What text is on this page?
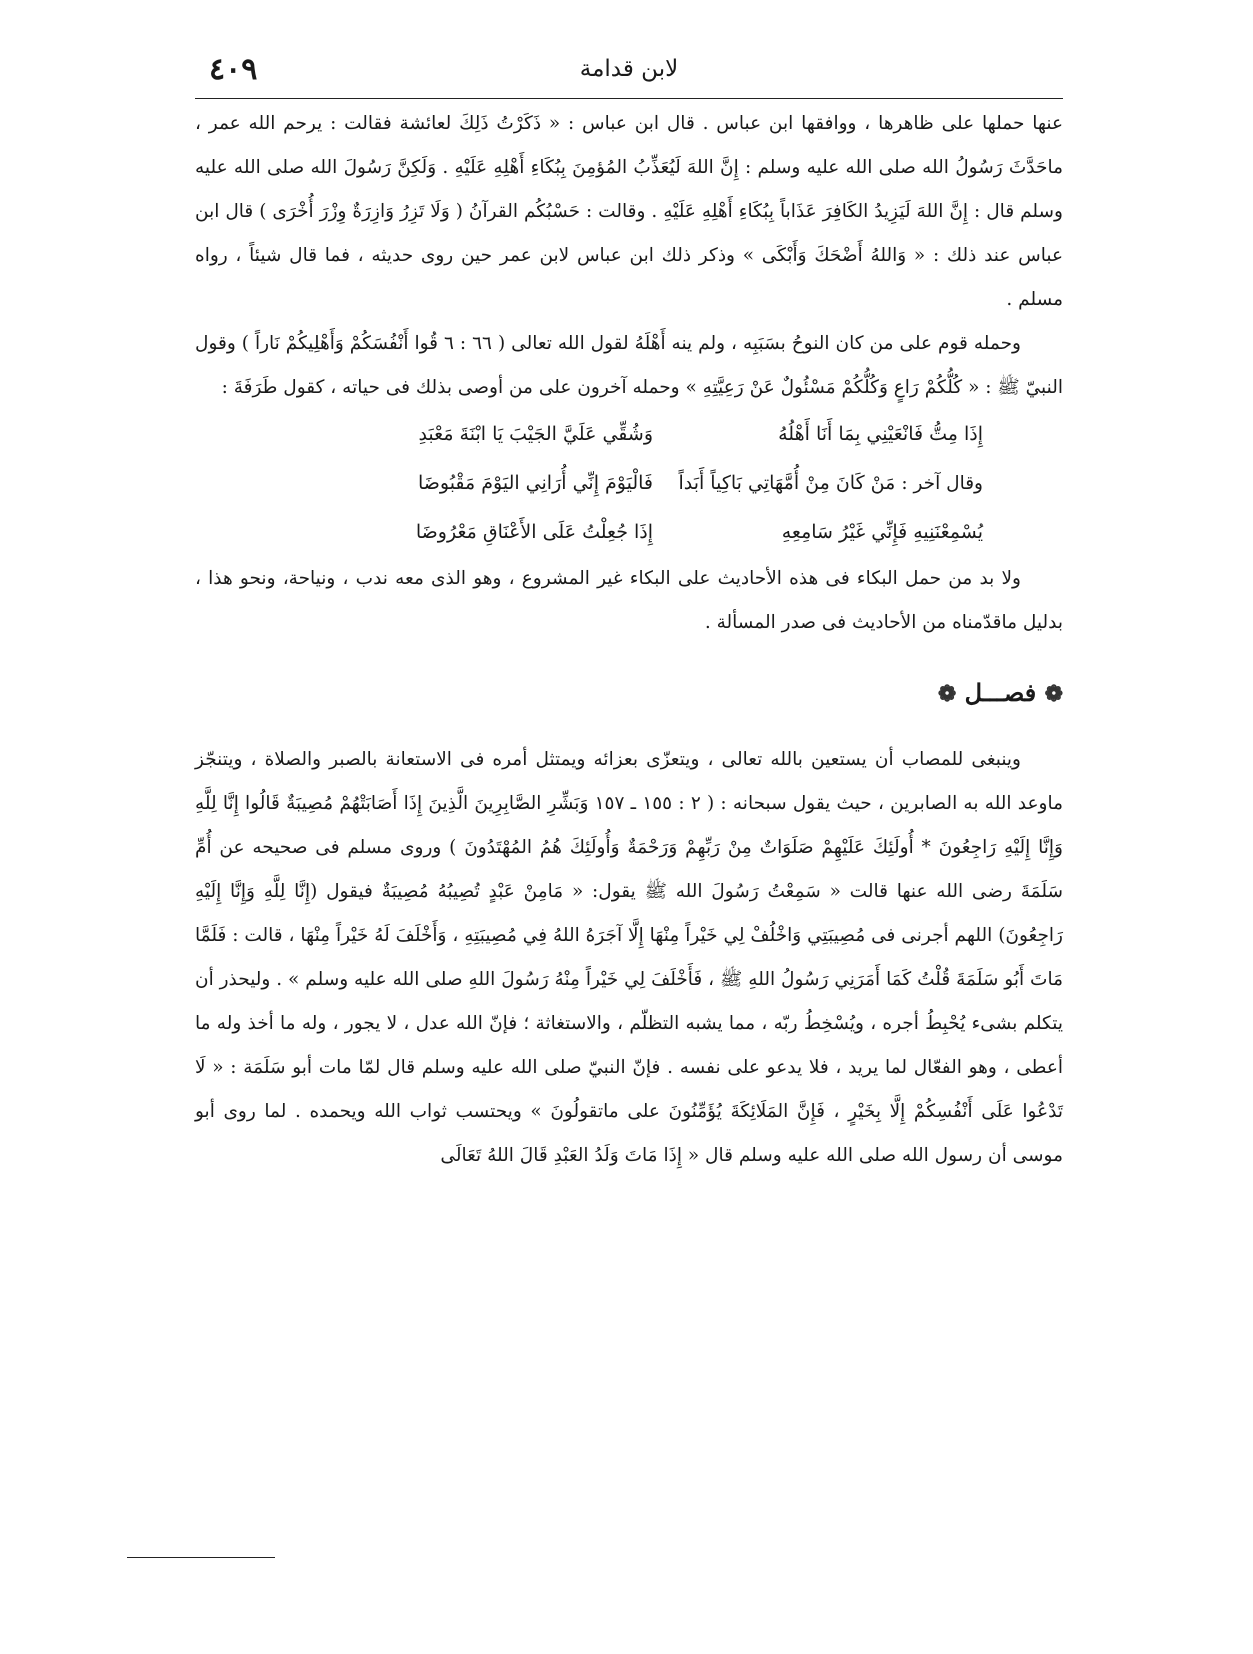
٤٠٩	لابن قدامة

عنها حملها على ظاهرها ، ووافقها ابن عباس . قال ابن عباس : « ذَكَرْتُ ذَلِكَ لعائشة فقالت : يرحم الله عمر ، ماحَدَّثَ رَسُولُ الله صلى الله عليه وسلم : إِنَّ اللهَ لَيُعَذِّبُ المُؤمِنَ بِبُكَاءِ أَهْلِهِ عَلَيْهِ . وَلَكِنَّ رَسُولَ الله صلى الله عليه وسلم قال : إِنَّ اللهَ لَيَزِيدُ الكَافِرَ عَذَاباً بِبُكَاءِ أَهْلِهِ عَلَيْهِ . وقالت : حَسْبُكُم القرآنُ ( وَلَا تَزِرُ وَازِرَةٌ وِزْرَ أُخْرَى ) قال ابن عباس عند ذلك : « وَاللهُ أَضْحَكَ وَأَبْكَى » وذكر ذلك ابن عباس لابن عمر حين روى حديثه ، فما قال شيئاً ، رواه مسلم .

وحمله قوم على من كان النوحُ بسَبَبِه ، ولم ينه أَهْلَهُ لقول الله تعالى ( ٦٦ : ٦ قُوا أَنْفُسَكُمْ وَأَهْلِيكُمْ نَاراً ) وقول النبيّ ﷺ : « كُلُّكُمْ رَاعٍ وَكُلُّكُمْ مَسْئُولٌ عَنْ رَعِيَّتِهِ » وحمله آخرون على من أوصى بذلك فى حياته ، كقول طَرَفَةَ :

إِذَا مِتُّ فَانْعَيْنِي بِمَا أَنَا أَهْلُهُ
وَشُقِّي عَلَيَّ الجَيْبَ يَا ابْنَةَ مَعْبَدِ
وقال آخر : مَنْ كَانَ مِنْ أُمَّهَاتِي بَاكِياً أَبَداً
فَالْيَوْمَ إِنِّي أُرَانِي اليَوْمَ مَقْبُوضَا
يُسْمِعْنَنِيهِ فَإِنِّي غَيْرُ سَامِعِهِ
إِذَا جُعِلْتُ عَلَى الأَعْنَاقِ مَعْرُوضَا

ولا بد من حمل البكاء فى هذه الأحاديث على البكاء غير المشروع ، وهو الذى معه ندب ، ونياحة، ونحو هذا ، بدليل ماقدّمناه من الأحاديث فى صدر المسألة .

❁ فصـــل ❁

وينبغى للمصاب أن يستعين بالله تعالى ، ويتعزّى بعزائه ويمتثل أمره فى الاستعانة بالصبر والصلاة ، ويتنجّز ماوعد الله به الصابرين ، حيث يقول سبحانه : ( ٢ : ١٥٥ ـ ١٥٧ وَبَشِّرِ الصَّابِرِينَ الَّذِينَ إِذَا أَصَابَتْهُمْ مُصِيبَةٌ قَالُوا إِنَّا لِلَّهِ وَإِنَّا إِلَيْهِ رَاجِعُونَ * أُولَئِكَ عَلَيْهِمْ صَلَوَاتٌ مِنْ رَبِّهِمْ وَرَحْمَةٌ وَأُولَئِكَ هُمُ المُهْتَدُونَ ) وروى مسلم فى صحيحه عن أُمِّ سَلَمَةَ رضى الله عنها قالت « سَمِعْتُ رَسُولَ الله ﷺ يقول: « مَامِنْ عَبْدٍ تُصِيبُهُ مُصِيبَةٌ فيقول (إِنَّا لِلَّهِ وَإِنَّا إِلَيْهِ رَاجِعُونَ) اللهم أجرنى فى مُصِيبَتِي وَاخْلُفْ لِي خَيْراً مِنْهَا إِلَّا آجَرَهُ اللهُ فِي مُصِيبَتِهِ ، وَأَخْلَفَ لَهُ خَيْراً مِنْهَا ، قالت : فَلَمَّا مَاتَ أَبُو سَلَمَةَ قُلْتُ كَمَا أَمَرَنِي رَسُولُ اللهِ ﷺ ، فَأَخْلَفَ لِي خَيْراً مِنْهُ رَسُولَ اللهِ صلى الله عليه وسلم » . وليحذر أن يتكلم بشىء يُحْبِطُ أجره ، ويُسْخِطُ ربّه ، مما يشبه التظلّم ، والاستغاثة ؛ فإنّ الله عدل ، لا يجور ، وله ما أخذ وله ما أعطى ، وهو الفعّال لما يريد ، فلا يدعو على نفسه . فإنّ النبيّ صلى الله عليه وسلم قال لمّا مات أبو سَلَمَة : « لَا تَدْعُوا عَلَى أَنْفُسِكُمْ إِلَّا بِخَيْرٍ ، فَإِنَّ المَلَائِكَةَ يُؤَمِّنُونَ على ماتقولُونَ » ويحتسب ثواب الله ويحمده . لما روى أبو موسى أن رسول الله صلى الله عليه وسلم قال « إِذَا مَاتَ وَلَدُ العَبْدِ قَالَ اللهُ تَعَالَى
